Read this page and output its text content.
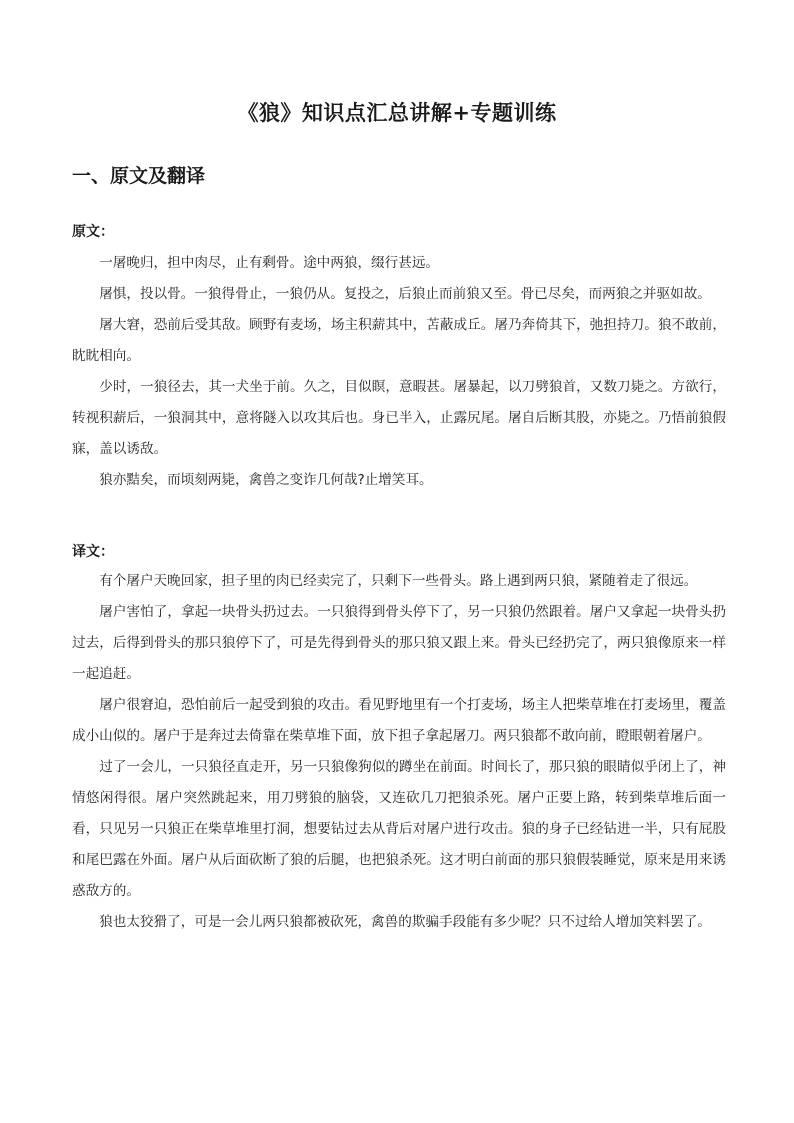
《狼》知识点汇总讲解+专题训练
一、原文及翻译
原文：

一屠晚归，担中肉尽，止有剩骨。途中两狼，缀行甚远。

屠惧，投以骨。一狼得骨止，一狼仍从。复投之，后狼止而前狼又至。骨已尽矣，而两狼之并驱如故。

屠大窘，恐前后受其敌。顾野有麦场，场主积薪其中，苫蔽成丘。屠乃奔倚其下，弛担持刀。狼不敢前，眈眈相向。

少时，一狼径去，其一犬坐于前。久之，目似瞑，意暇甚。屠暴起，以刀劈狼首，又数刀毙之。方欲行，转视积薪后，一狼洞其中，意将隧入以攻其后也。身已半入，止露尻尾。屠自后断其股，亦毙之。乃悟前狼假寐，盖以诱敌。

狼亦黠矣，而顷刻两毙，禽兽之变诈几何哉?止增笑耳。

译文：

有个屠户天晚回家，担子里的肉已经卖完了，只剩下一些骨头。路上遇到两只狼，紧随着走了很远。

屠户害怕了，拿起一块骨头扔过去。一只狼得到骨头停下了，另一只狼仍然跟着。屠户又拿起一块骨头扔过去，后得到骨头的那只狼停下了，可是先得到骨头的那只狼又跟上来。骨头已经扔完了，两只狼像原来一样一起追赶。

屠户很窘迫，恐怕前后一起受到狼的攻击。看见野地里有一个打麦场，场主人把柴草堆在打麦场里，覆盖成小山似的。屠户于是奔过去倚靠在柴草堆下面，放下担子拿起屠刀。两只狼都不敢向前，瞪眼朝着屠户。

过了一会儿，一只狼径直走开，另一只狼像狗似的蹲坐在前面。时间长了，那只狼的眼睛似乎闭上了，神情悠闲得很。屠户突然跳起来，用刀劈狼的脑袋，又连砍几刀把狼杀死。屠户正要上路，转到柴草堆后面一看，只见另一只狼正在柴草堆里打洞，想要钻过去从背后对屠户进行攻击。狼的身子已经钻进一半，只有屁股和尾巴露在外面。屠户从后面砍断了狼的后腿，也把狼杀死。这才明白前面的那只狼假装睡觉，原来是用来诱惑敌方的。

狼也太狡猾了，可是一会儿两只狼都被砍死，禽兽的欺骗手段能有多少呢？只不过给人增加笑料罢了。
